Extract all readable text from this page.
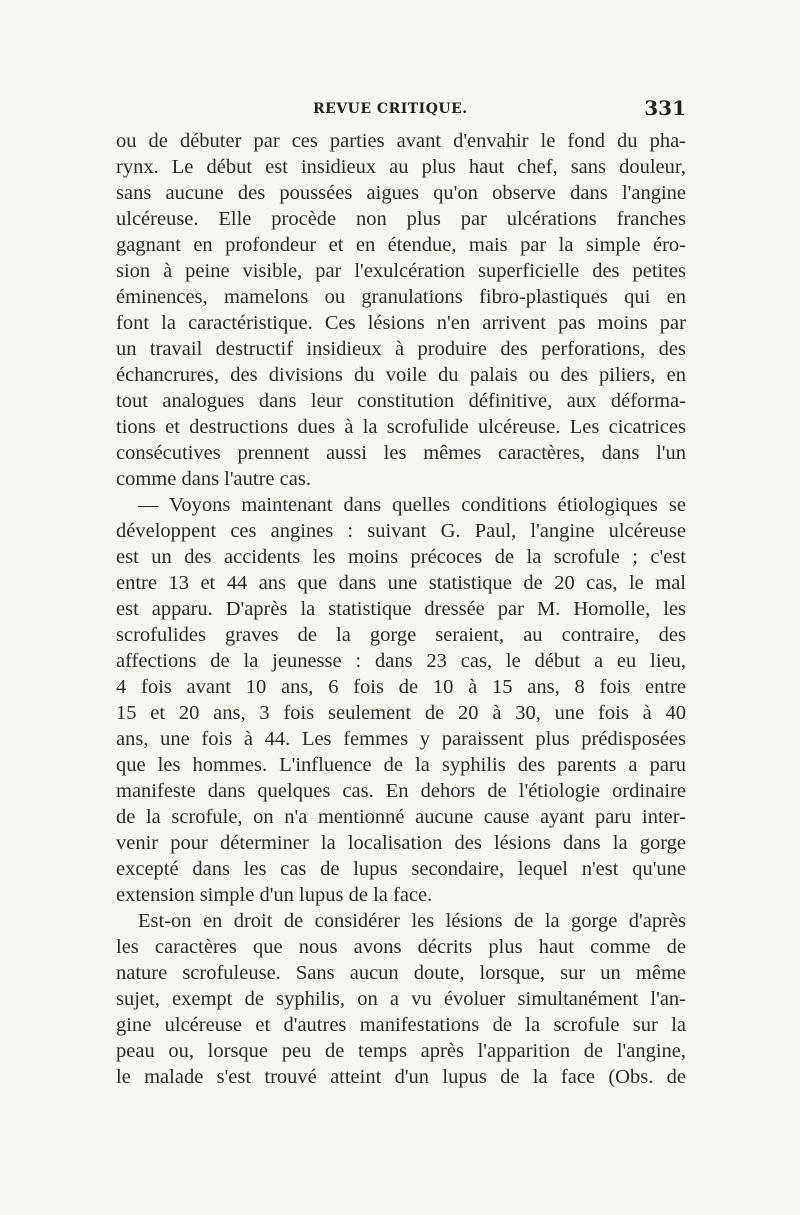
REVUE CRITIQUE.	331
ou de débuter par ces parties avant d'envahir le fond du pha-
rynx. Le début est insidieux au plus haut chef, sans douleur,
sans aucune des poussées aigues qu'on observe dans l'angine
ulcéreuse. Elle procède non plus par ulcérations franches
gagnant en profondeur et en étendue, mais par la simple éro-
sion à peine visible, par l'exulcération superficielle des petites
éminences, mamelons ou granulations fibro-plastiques qui en
font la caractéristique. Ces lésions n'en arrivent pas moins par
un travail destructif insidieux à produire des perforations, des
échancrures, des divisions du voile du palais ou des piliers, en
tout analogues dans leur constitution définitive, aux déforma-
tions et destructions dues à la scrofulide ulcéreuse. Les cicatrices
consécutives prennent aussi les mêmes caractères, dans l'un
comme dans l'autre cas.
— Voyons maintenant dans quelles conditions étiologiques se
développent ces angines : suivant G. Paul, l'angine ulcéreuse
est un des accidents les moins précoces de la scrofule ; c'est
entre 13 et 44 ans que dans une statistique de 20 cas, le mal
est apparu. D'après la statistique dressée par M. Homolle, les
scrofulides graves de la gorge seraient, au contraire, des
affections de la jeunesse : dans 23 cas, le début a eu lieu,
4 fois avant 10 ans, 6 fois de 10 à 15 ans, 8 fois entre
15 et 20 ans, 3 fois seulement de 20 à 30, une fois à 40
ans, une fois à 44. Les femmes y paraissent plus prédisposées
que les hommes. L'influence de la syphilis des parents a paru
manifeste dans quelques cas. En dehors de l'étiologie ordinaire
de la scrofule, on n'a mentionné aucune cause ayant paru inter-
venir pour déterminer la localisation des lésions dans la gorge
excepté dans les cas de lupus secondaire, lequel n'est qu'une
extension simple d'un lupus de la face.
Est-on en droit de considérer les lésions de la gorge d'après
les caractères que nous avons décrits plus haut comme de
nature scrofuleuse. Sans aucun doute, lorsque, sur un même
sujet, exempt de syphilis, on a vu évoluer simultanément l'an-
gine ulcéreuse et d'autres manifestations de la scrofule sur la
peau ou, lorsque peu de temps après l'apparition de l'angine,
le malade s'est trouvé atteint d'un lupus de la face (Obs. de
